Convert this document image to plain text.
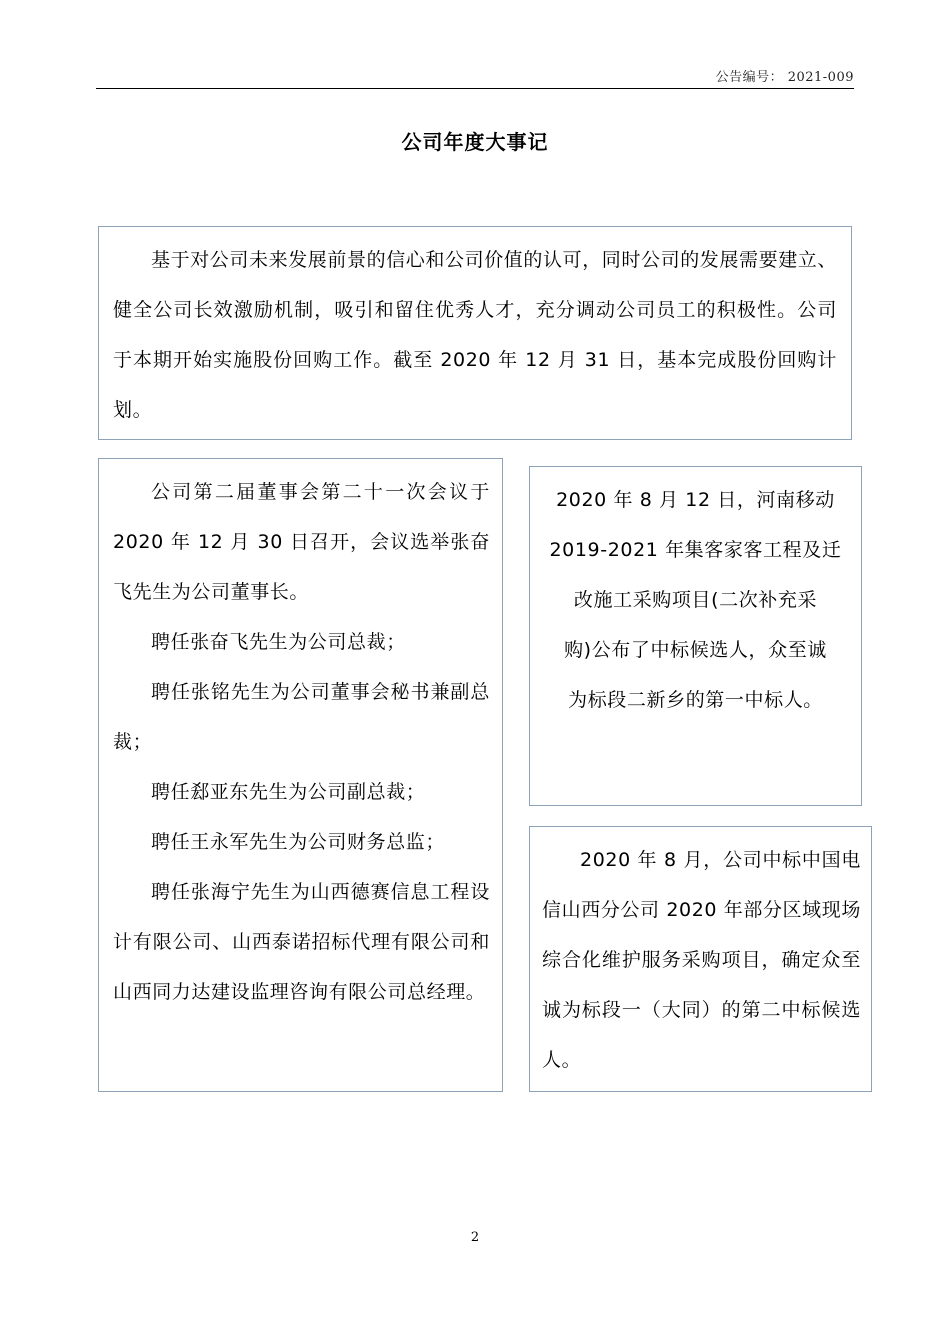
公告编号： 2021-009
公司年度大事记

基于对公司未来发展前景的信心和公司价值的认可，同时公司的发展需要建立、健全公司长效激励机制，吸引和留住优秀人才，充分调动公司员工的积极性。公司于本期开始实施股份回购工作。截至 2020 年 12 月 31 日，基本完成股份回购计划。

公司第二届董事会第二十一次会议于 2020 年 12 月 30 日召开，会议选举张奋飞先生为公司董事长。

聘任张奋飞先生为公司总裁；

聘任张铭先生为公司董事会秘书兼副总裁；

聘任郄亚东先生为公司副总裁；

聘任王永军先生为公司财务总监；

聘任张海宁先生为山西德赛信息工程设计有限公司、山西泰诺招标代理有限公司和山西同力达建设监理咨询有限公司总经理。

2020 年 8 月 12 日，河南移动

2019-2021 年集客家客工程及迁

改施工采购项目(二次补充采

购)公布了中标候选人，众至诚

为标段二新乡的第一中标人。

2020 年 8 月，公司中标中国电信山西分公司 2020 年部分区域现场综合化维护服务采购项目，确定众至诚为标段一（大同）的第二中标候选人。

2
